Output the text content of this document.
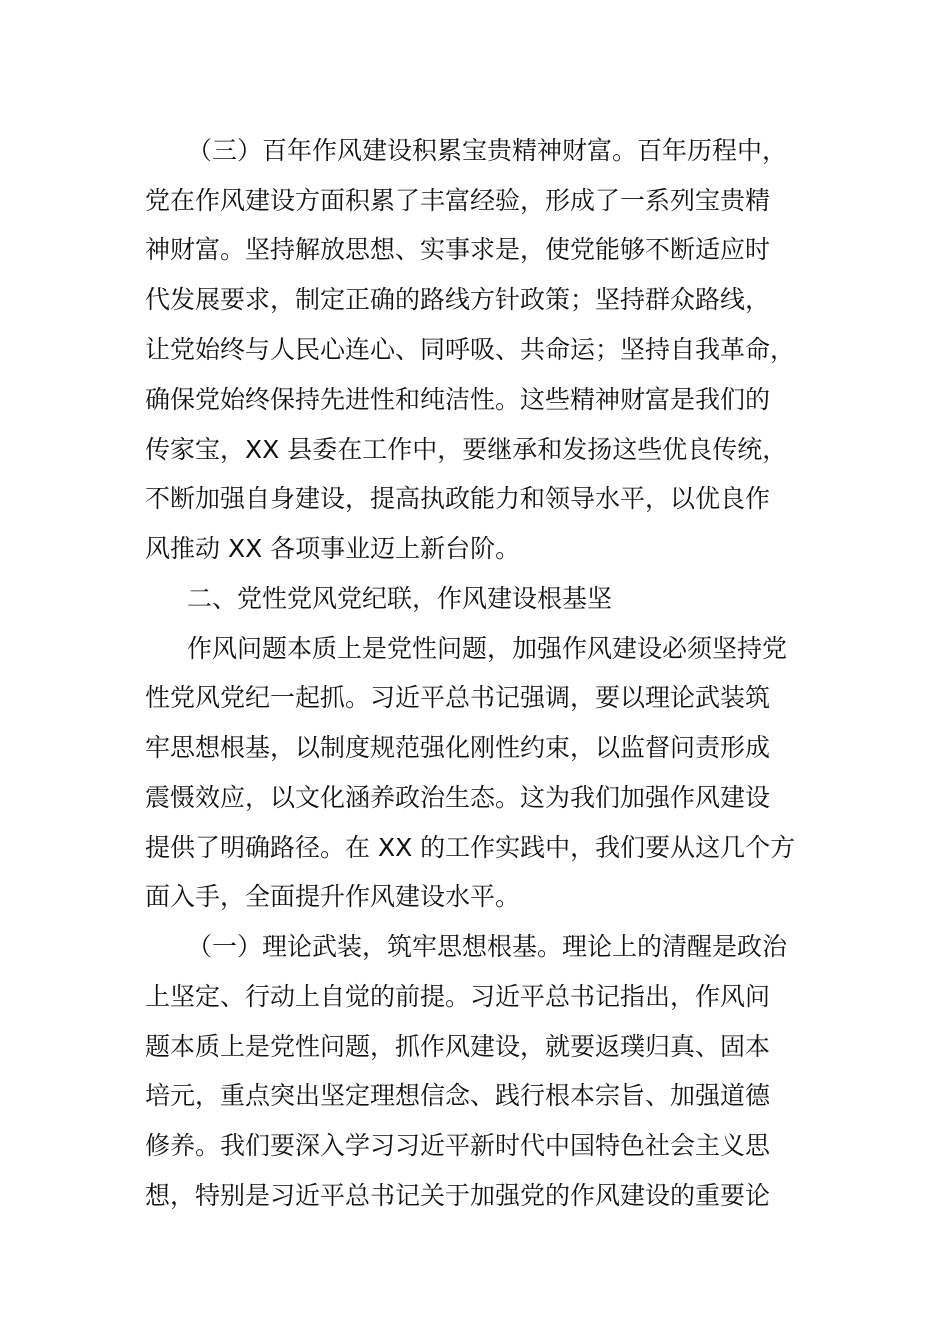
（三）百年作风建设积累宝贵精神财富。百年历程中，
党在作风建设方面积累了丰富经验，形成了一系列宝贵精
神财富。坚持解放思想、实事求是，使党能够不断适应时
代发展要求，制定正确的路线方针政策；坚持群众路线，
让党始终与人民心连心、同呼吸、共命运；坚持自我革命，
确保党始终保持先进性和纯洁性。这些精神财富是我们的
传家宝，XX 县委在工作中，要继承和发扬这些优良传统，
不断加强自身建设，提高执政能力和领导水平，以优良作
风推动 XX 各项事业迈上新台阶。
二、党性党风党纪联，作风建设根基坚
作风问题本质上是党性问题，加强作风建设必须坚持党
性党风党纪一起抓。习近平总书记强调，要以理论武装筑
牢思想根基，以制度规范强化刚性约束，以监督问责形成
震慑效应，以文化涵养政治生态。这为我们加强作风建设
提供了明确路径。在 XX 的工作实践中，我们要从这几个方
面入手，全面提升作风建设水平。
（一）理论武装，筑牢思想根基。理论上的清醒是政治
上坚定、行动上自觉的前提。习近平总书记指出，作风问
题本质上是党性问题，抓作风建设，就要返璞归真、固本
培元，重点突出坚定理想信念、践行根本宗旨、加强道德
修养。我们要深入学习习近平新时代中国特色社会主义思
想，特别是习近平总书记关于加强党的作风建设的重要论
